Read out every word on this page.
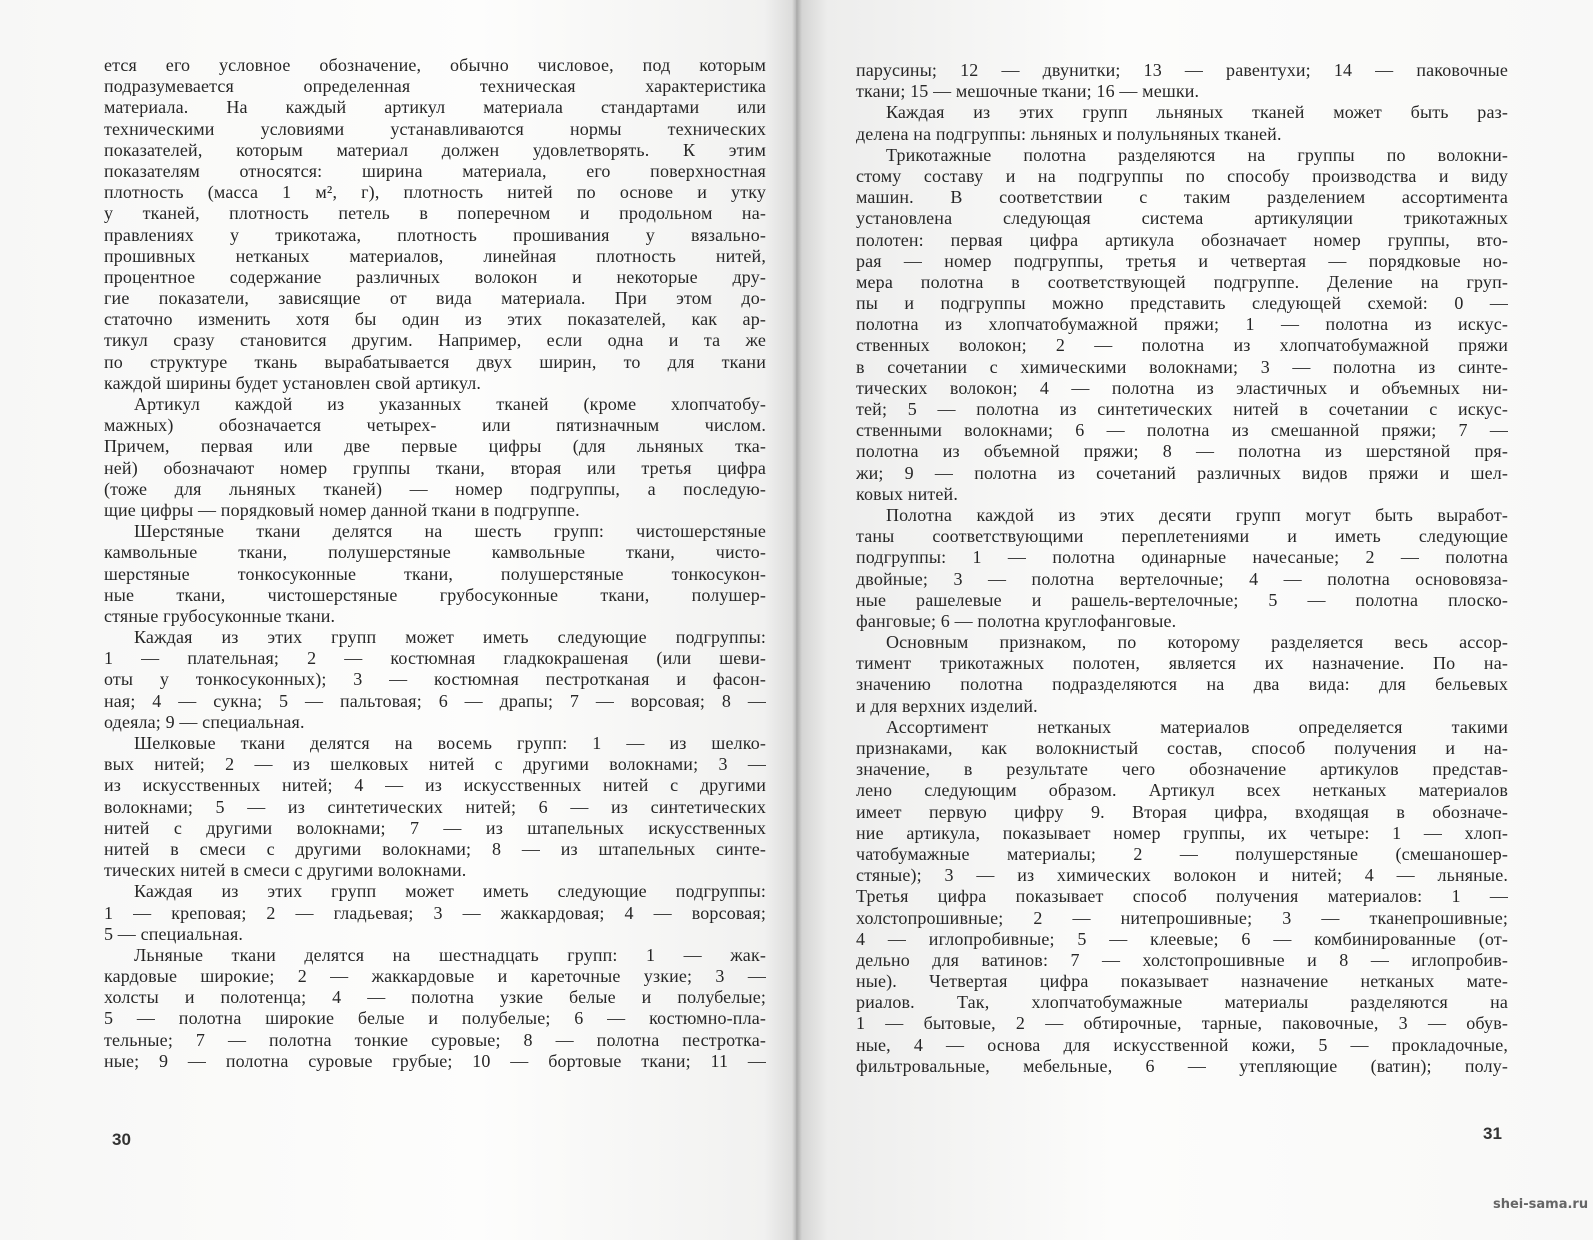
ется его условное обозначение, обычно числовое, под которым
подразумевается определенная техническая характеристика
материала. На каждый артикул материала стандартами или
техническими условиями устанавливаются нормы технических
показателей, которым материал должен удовлетворять. К этим
показателям относятся: ширина материала, его поверхностная
плотность (масса 1 м², г), плотность нитей по основе и утку
у тканей, плотность петель в поперечном и продольном на-
правлениях у трикотажа, плотность прошивания у вязально-
прошивных нетканых материалов, линейная плотность нитей,
процентное содержание различных волокон и некоторые дру-
гие показатели, зависящие от вида материала. При этом до-
статочно изменить хотя бы один из этих показателей, как ар-
тикул сразу становится другим. Например, если одна и та же
по структуре ткань вырабатывается двух ширин, то для ткани
каждой ширины будет установлен свой артикул.
Артикул каждой из указанных тканей (кроме хлопчатобу-
мажных) обозначается четырех- или пятизначным числом.
Причем, первая или две первые цифры (для льняных тка-
ней) обозначают номер группы ткани, вторая или третья цифра
(тоже для льняных тканей) — номер подгруппы, а последую-
щие цифры — порядковый номер данной ткани в подгруппе.
Шерстяные ткани делятся на шесть групп: чистошерстяные
камвольные ткани, полушерстяные камвольные ткани, чисто-
шерстяные тонкосуконные ткани, полушерстяные тонкосукон-
ные ткани, чистошерстяные грубосуконные ткани, полушер-
стяные грубосуконные ткани.
Каждая из этих групп может иметь следующие подгруппы:
1 — плательная; 2 — костюмная гладкокрашеная (или шеви-
оты у тонкосуконных); 3 — костюмная пестротканая и фасон-
ная; 4 — сукна; 5 — пальтовая; 6 — драпы; 7 — ворсовая; 8 —
одеяла; 9 — специальная.
Шелковые ткани делятся на восемь групп: 1 — из шелко-
вых нитей; 2 — из шелковых нитей с другими волокнами; 3 —
из искусственных нитей; 4 — из искусственных нитей с другими
волокнами; 5 — из синтетических нитей; 6 — из синтетических
нитей с другими волокнами; 7 — из штапельных искусственных
нитей в смеси с другими волокнами; 8 — из штапельных синте-
тических нитей в смеси с другими волокнами.
Каждая из этих групп может иметь следующие подгруппы:
1 — креповая; 2 — гладьевая; 3 — жаккардовая; 4 — ворсовая;
5 — специальная.
Льняные ткани делятся на шестнадцать групп: 1 — жак-
кардовые широкие; 2 — жаккардовые и кареточные узкие; 3 —
холсты и полотенца; 4 — полотна узкие белые и полубелые;
5 — полотна широкие белые и полубелые; 6 — костюмно-пла-
тельные; 7 — полотна тонкие суровые; 8 — полотна пестротка-
ные; 9 — полотна суровые грубые; 10 — бортовые ткани; 11 —
30
парусины; 12 — двунитки; 13 — равентухи; 14 — паковочные
ткани; 15 — мешочные ткани; 16 — мешки.
Каждая из этих групп льняных тканей может быть раз-
делена на подгруппы: льняных и полульняных тканей.
Трикотажные полотна разделяются на группы по волокни-
стому составу и на подгруппы по способу производства и виду
машин. В соответствии с таким разделением ассортимента
установлена следующая система артикуляции трикотажных
полотен: первая цифра артикула обозначает номер группы, вто-
рая — номер подгруппы, третья и четвертая — порядковые но-
мера полотна в соответствующей подгруппе. Деление на груп-
пы и подгруппы можно представить следующей схемой: 0 —
полотна из хлопчатобумажной пряжи; 1 — полотна из искус-
ственных волокон; 2 — полотна из хлопчатобумажной пряжи
в сочетании с химическими волокнами; 3 — полотна из синте-
тических волокон; 4 — полотна из эластичных и объемных ни-
тей; 5 — полотна из синтетических нитей в сочетании с искус-
ственными волокнами; 6 — полотна из смешанной пряжи; 7 —
полотна из объемной пряжи; 8 — полотна из шерстяной пря-
жи; 9 — полотна из сочетаний различных видов пряжи и шел-
ковых нитей.
Полотна каждой из этих десяти групп могут быть выработ-
таны соответствующими переплетениями и иметь следующие
подгруппы: 1 — полотна одинарные начесаные; 2 — полотна
двойные; 3 — полотна вертелочные; 4 — полотна основовяза-
ные рашелевые и рашель-вертелочные; 5 — полотна плоско-
фанговые; 6 — полотна круглофанговые.
Основным признаком, по которому разделяется весь ассор-
тимент трикотажных полотен, является их назначение. По на-
значению полотна подразделяются на два вида: для бельевых
и для верхних изделий.
Ассортимент нетканых материалов определяется такими
признаками, как волокнистый состав, способ получения и на-
значение, в результате чего обозначение артикулов представ-
лено следующим образом. Артикул всех нетканых материалов
имеет первую цифру 9. Вторая цифра, входящая в обозначе-
ние артикула, показывает номер группы, их четыре: 1 — хлоп-
чатобумажные материалы; 2 — полушерстяные (смешаношер-
стяные); 3 — из химических волокон и нитей; 4 — льняные.
Третья цифра показывает способ получения материалов: 1 —
холстопрошивные; 2 — нитепрошивные; 3 — тканепрошивные;
4 — иглопробивные; 5 — клеевые; 6 — комбинированные (от-
дельно для ватинов: 7 — холстопрошивные и 8 — иглопробив-
ные). Четвертая цифра показывает назначение нетканых мате-
риалов. Так, хлопчатобумажные материалы разделяются на
1 — бытовые, 2 — обтирочные, тарные, паковочные, 3 — обув-
ные, 4 — основа для искусственной кожи, 5 — прокладочные,
фильтровальные, мебельные, 6 — утепляющие (ватин); полу-
31
shei-sama.ru
